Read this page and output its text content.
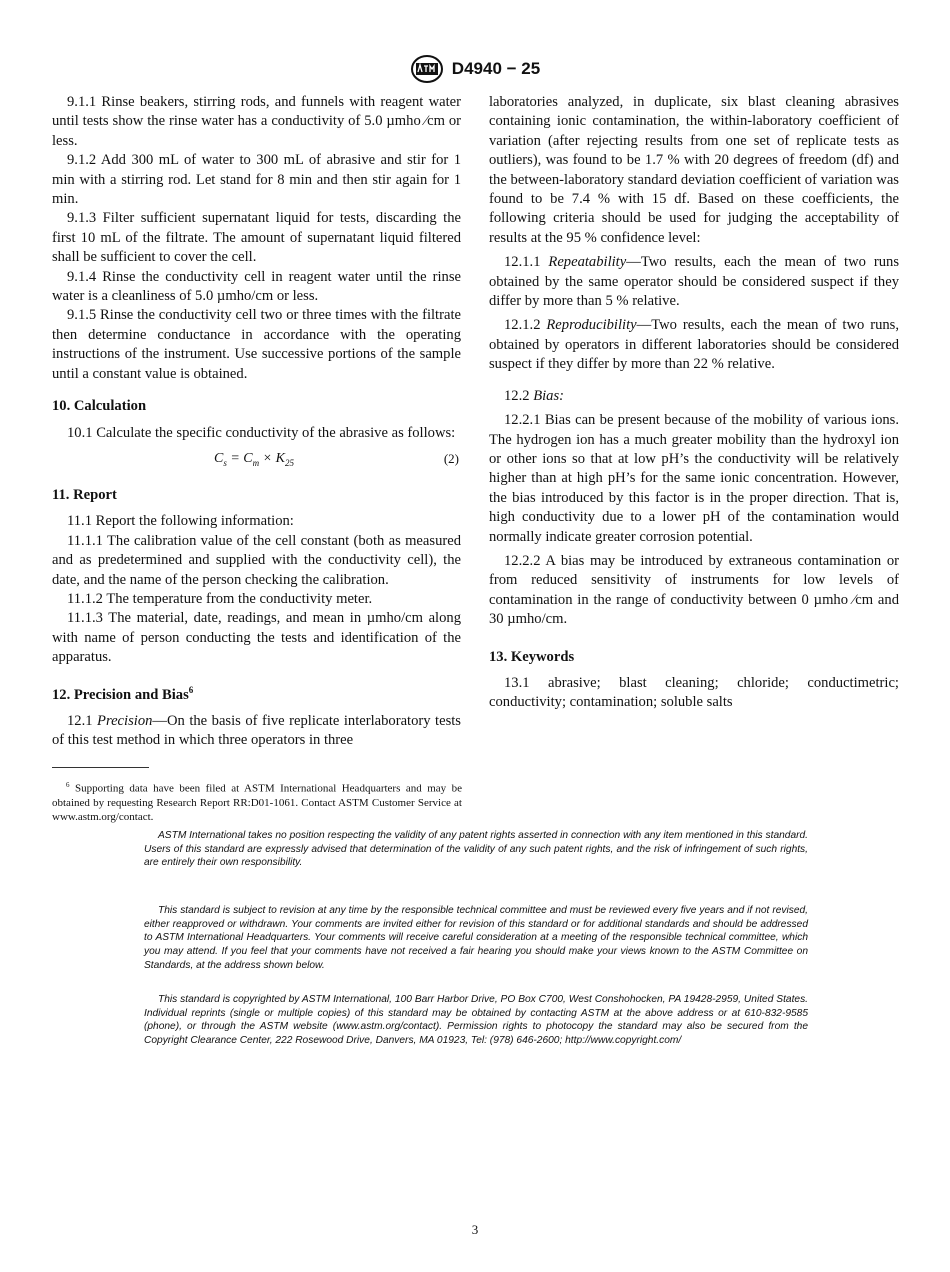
D4940 − 25

9.1.1 Rinse beakers, stirring rods, and funnels with reagent water until tests show the rinse water has a conductivity of 5.0 µmho ⁄cm or less.

9.1.2 Add 300 mL of water to 300 mL of abrasive and stir for 1 min with a stirring rod. Let stand for 8 min and then stir again for 1 min.

9.1.3 Filter sufficient supernatant liquid for tests, discarding the first 10 mL of the filtrate. The amount of supernatant liquid filtered shall be sufficient to cover the cell.

9.1.4 Rinse the conductivity cell in reagent water until the rinse water is a cleanliness of 5.0 µmho/cm or less.

9.1.5 Rinse the conductivity cell two or three times with the filtrate then determine conductance in accordance with the operating instructions of the instrument. Use successive portions of the sample until a constant value is obtained.

10. Calculation

10.1 Calculate the specific conductivity of the abrasive as follows:

$C_s = C_m \times K_{25}$	(2)
11. Report

11.1 Report the following information:

11.1.1 The calibration value of the cell constant (both as measured and as predetermined and supplied with the conductivity cell), the date, and the name of the person checking the calibration.

11.1.2 The temperature from the conductivity meter.

11.1.3 The material, date, readings, and mean in µmho/cm along with name of person conducting the tests and identification of the apparatus.

12. Precision and Bias$^6$

12.1 Precision—On the basis of five replicate interlaboratory tests of this test method in which three operators in three

laboratories analyzed, in duplicate, six blast cleaning abrasives containing ionic contamination, the within-laboratory coefficient of variation (after rejecting results from one set of replicate tests as outliers), was found to be 1.7 % with 20 degrees of freedom (df) and the between-laboratory standard deviation coefficient of variation was found to be 7.4 % with 15 df. Based on these coefficients, the following criteria should be used for judging the acceptability of results at the 95 % confidence level:

12.1.1 Repeatability—Two results, each the mean of two runs obtained by the same operator should be considered suspect if they differ by more than 5 % relative.

12.1.2 Reproducibility—Two results, each the mean of two runs, obtained by operators in different laboratories should be considered suspect if they differ by more than 22 % relative.

12.2 Bias:

12.2.1 Bias can be present because of the mobility of various ions. The hydrogen ion has a much greater mobility than the hydroxyl ion or other ions so that at low pH’s the conductivity will be relatively higher than at high pH’s for the same ionic concentration. However, the bias introduced by this factor is in the proper direction. That is, high conductivity due to a lower pH of the contamination would normally indicate greater corrosion potential.

12.2.2 A bias may be introduced by extraneous contamination or from reduced sensitivity of instruments for low levels of contamination in the range of conductivity between 0 µmho ⁄cm and 30 µmho/cm.

13. Keywords

13.1 abrasive; blast cleaning; chloride; conductimetric; conductivity; contamination; soluble salts

$^6$ Supporting data have been filed at ASTM International Headquarters and may be obtained by requesting Research Report RR:D01-1061. Contact ASTM Customer Service at www.astm.org/contact.

ASTM International takes no position respecting the validity of any patent rights asserted in connection with any item mentioned in this standard. Users of this standard are expressly advised that determination of the validity of any such patent rights, and the risk of infringement of such rights, are entirely their own responsibility.

This standard is subject to revision at any time by the responsible technical committee and must be reviewed every five years and if not revised, either reapproved or withdrawn. Your comments are invited either for revision of this standard or for additional standards and should be addressed to ASTM International Headquarters. Your comments will receive careful consideration at a meeting of the responsible technical committee, which you may attend. If you feel that your comments have not received a fair hearing you should make your views known to the ASTM Committee on Standards, at the address shown below.

This standard is copyrighted by ASTM International, 100 Barr Harbor Drive, PO Box C700, West Conshohocken, PA 19428-2959, United States. Individual reprints (single or multiple copies) of this standard may be obtained by contacting ASTM at the above address or at 610-832-9585 (phone), or through the ASTM website (www.astm.org/contact). Permission rights to photocopy the standard may also be secured from the Copyright Clearance Center, 222 Rosewood Drive, Danvers, MA 01923, Tel: (978) 646-2600; http://www.copyright.com/

3
